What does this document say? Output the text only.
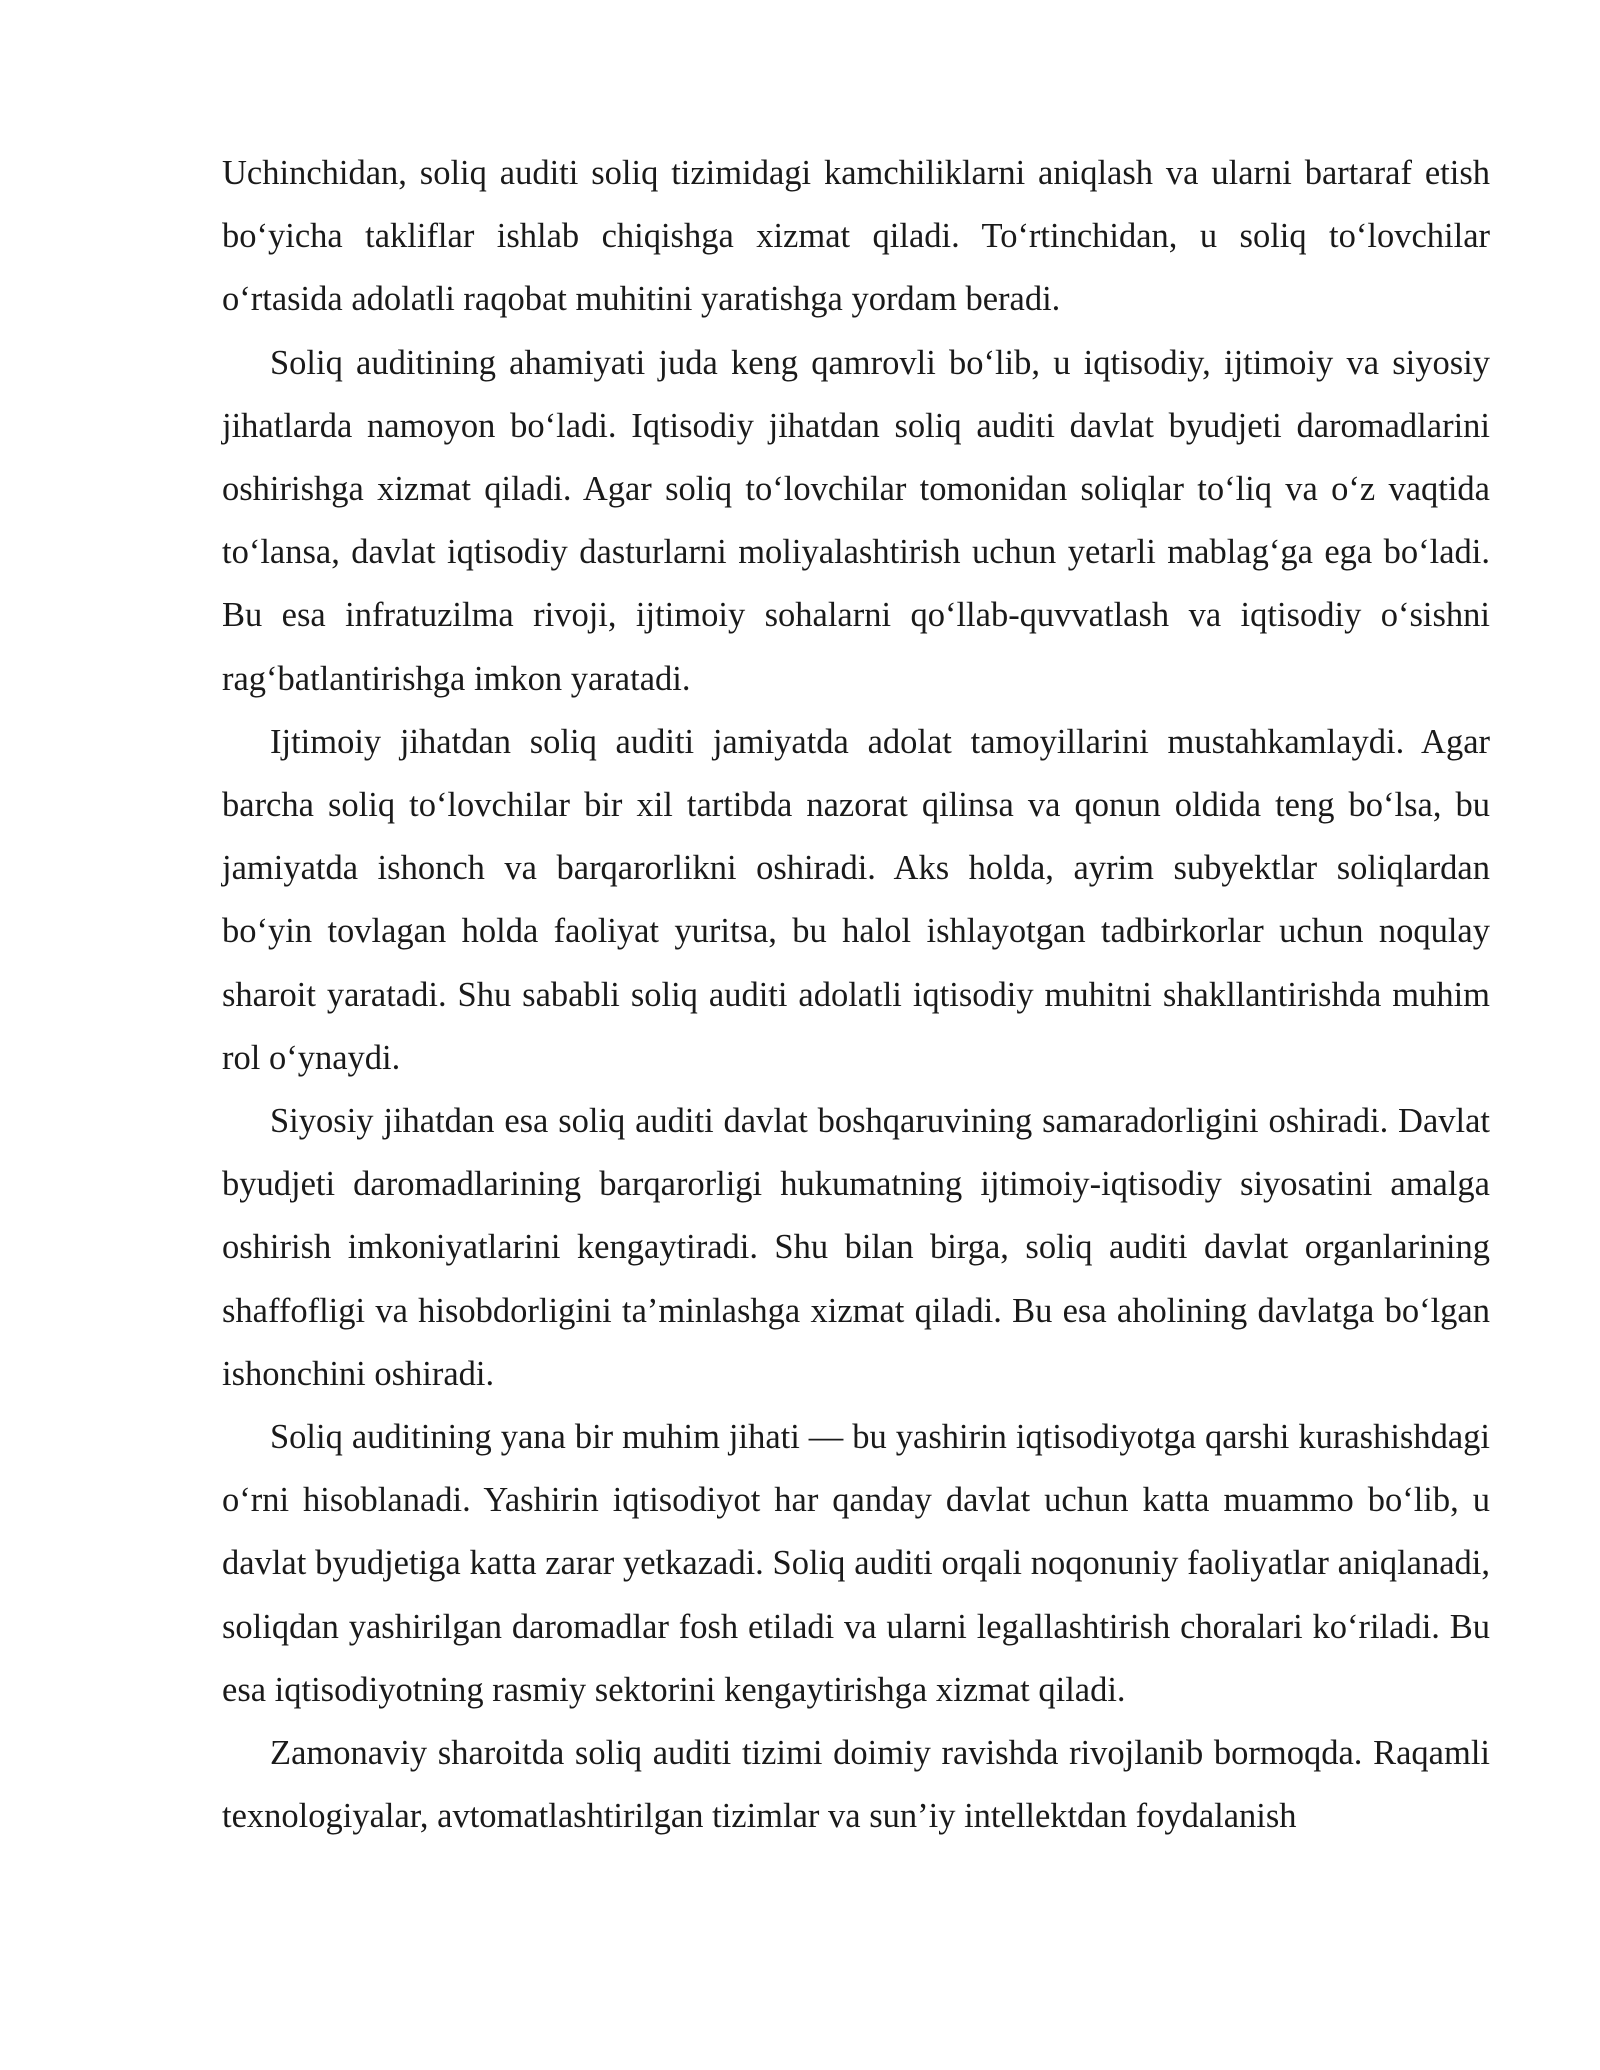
Uchinchidan, soliq auditi soliq tizimidagi kamchiliklarni aniqlash va ularni bartaraf etish bo‘yicha takliflar ishlab chiqishga xizmat qiladi. To‘rtinchidan, u soliq to‘lovchilar o‘rtasida adolatli raqobat muhitini yaratishga yordam beradi.

Soliq auditining ahamiyati juda keng qamrovli bo‘lib, u iqtisodiy, ijtimoiy va siyosiy jihatlarda namoyon bo‘ladi. Iqtisodiy jihatdan soliq auditi davlat byudjeti daromadlarini oshirishga xizmat qiladi. Agar soliq to‘lovchilar tomonidan soliqlar to‘liq va o‘z vaqtida to‘lansa, davlat iqtisodiy dasturlarni moliyalashtirish uchun yetarli mablag‘ga ega bo‘ladi. Bu esa infratuzilma rivoji, ijtimoiy sohalarni qo‘llab-quvvatlash va iqtisodiy o‘sishni rag‘batlantirishga imkon yaratadi.

Ijtimoiy jihatdan soliq auditi jamiyatda adolat tamoyillarini mustahkamlaydi. Agar barcha soliq to‘lovchilar bir xil tartibda nazorat qilinsa va qonun oldida teng bo‘lsa, bu jamiyatda ishonch va barqarorlikni oshiradi. Aks holda, ayrim subyektlar soliqlardan bo‘yin tovlagan holda faoliyat yuritsa, bu halol ishlayotgan tadbirkorlar uchun noqulay sharoit yaratadi. Shu sababli soliq auditi adolatli iqtisodiy muhitni shakllantirishda muhim rol o‘ynaydi.

Siyosiy jihatdan esa soliq auditi davlat boshqaruvining samaradorligini oshiradi. Davlat byudjeti daromadlarining barqarorligi hukumatning ijtimoiy-iqtisodiy siyosatini amalga oshirish imkoniyatlarini kengaytiradi. Shu bilan birga, soliq auditi davlat organlarining shaffofligi va hisobdorligini ta’minlashga xizmat qiladi. Bu esa aholining davlatga bo‘lgan ishonchini oshiradi.

Soliq auditining yana bir muhim jihati — bu yashirin iqtisodiyotga qarshi kurashishdagi o‘rni hisoblanadi. Yashirin iqtisodiyot har qanday davlat uchun katta muammo bo‘lib, u davlat byudjetiga katta zarar yetkazadi. Soliq auditi orqali noqonuniy faoliyatlar aniqlanadi, soliqdan yashirilgan daromadlar fosh etiladi va ularni legallashtirish choralari ko‘riladi. Bu esa iqtisodiyotning rasmiy sektorini kengaytirishga xizmat qiladi.

Zamonaviy sharoitda soliq auditi tizimi doimiy ravishda rivojlanib bormoqda. Raqamli texnologiyalar, avtomatlashtirilgan tizimlar va sun’iy intellektdan foydalanish
